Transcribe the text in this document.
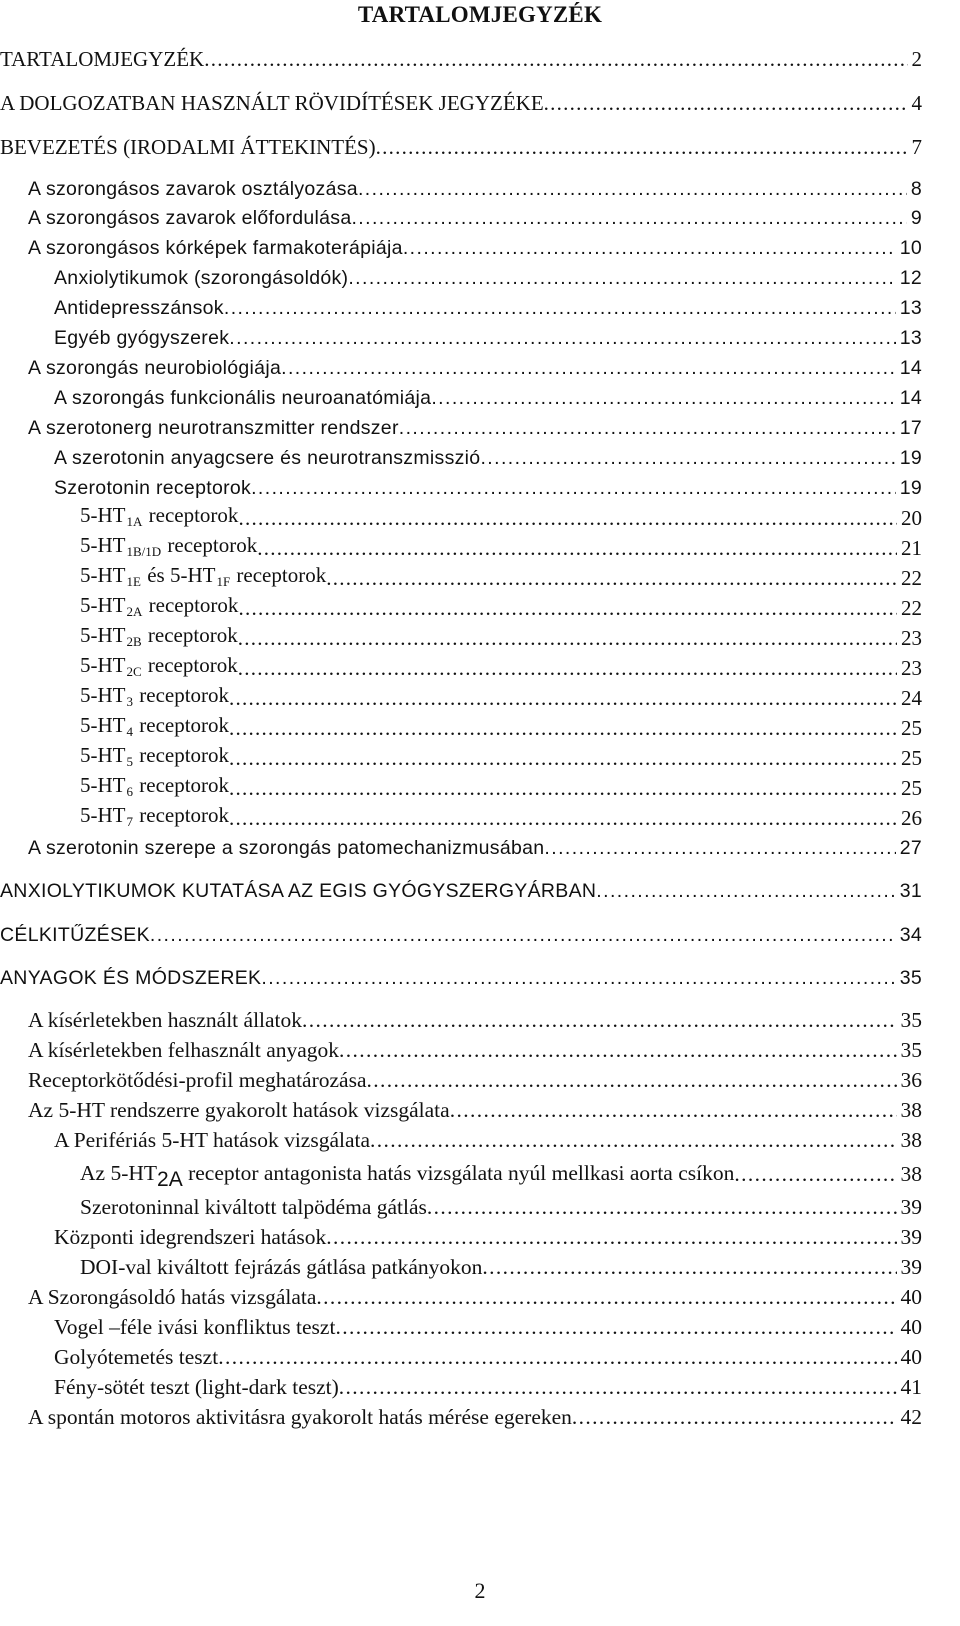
TARTALOMJEGYZÉK
TARTALOMJEGYZÉK . . .	2
A DOLGOZATBAN HASZNÁLT RÖVIDÍTÉSEK JEGYZÉKE . . .	4
BEVEZETÉS (IRODALMI ÁTTEKINTÉS) . . .	7
A szorongásos zavarok osztályozása . . .	8
A szorongásos zavarok előfordulása . . .	9
A szorongásos kórképek farmakoterápiája . . .	10
Anxiolytikumok (szorongásoldók) . . .	12
Antidepresszánsok . . .	13
Egyéb gyógyszerek . . .	13
A szorongás neurobiológiája . . .	14
A szorongás funkcionális neuroanatómiája . . .	14
A szerotonerg neurotranszmitter rendszer . . .	17
A szerotonin anyagcsere és neurotranszmisszió . . .	19
Szerotonin receptorok . . .	19
5-HT1A receptorok . . .	20
5-HT1B/1D receptorok . . .	21
5-HT1E és 5-HT1F receptorok . . .	22
5-HT2A receptorok . . .	22
5-HT2B receptorok . . .	23
5-HT2C receptorok . . .	23
5-HT3 receptorok . . .	24
5-HT4 receptorok . . .	25
5-HT5 receptorok . . .	25
5-HT6 receptorok . . .	25
5-HT7 receptorok . . .	26
A szerotonin szerepe a szorongás patomechanizmusában . . .	27
ANXIOLYTIKUMOK KUTATÁSA AZ EGIS GYÓGYSZERGYÁRBAN . . .	31
CÉLKITŰZÉSEK . . .	34
ANYAGOK ÉS MÓDSZEREK . . .	35
A kísérletekben használt állatok . . .	35
A kísérletekben felhasznált anyagok . . .	35
Receptorkötődési-profil meghatározása . . .	36
Az 5-HT rendszerre gyakorolt hatások vizsgálata . . .	38
A Perifériás 5-HT hatások vizsgálata . . .	38
Az 5-HT2A receptor antagonista hatás vizsgálata nyúl mellkasi aorta csíkon . . .	38
Szerotoninnal kiváltott talpödéma gátlás . . .	39
Központi idegrendszeri hatások . . .	39
DOI-val kiváltott fejrázás gátlása patkányokon . . .	39
A Szorongásoldó hatás vizsgálata . . .	40
Vogel –féle ivási konfliktus teszt . . .	40
Golyótemetés teszt . . .	40
Fény-sötét teszt (light-dark teszt) . . .	41
A spontán motoros aktivitásra gyakorolt hatás mérése egereken . . .	42
2
